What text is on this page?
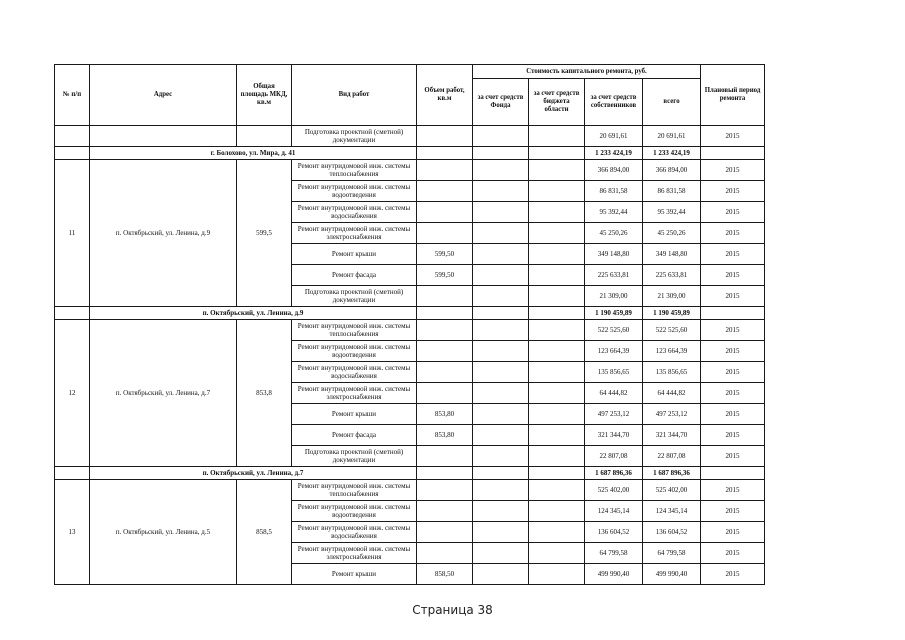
№ п/п	Адрес	Общая площадь МКД, кв.м	Вид работ	Объем работ, кв.м	Стоимость капитального ремонта, руб.				Плановый период ремонта
					за счет средств Фонда	за счет средств бюджета области	за счет средств собственников	всего	
			Подготовка проектной (сметной) документации				20 691,61	20 691,61	2015
	г. Болохово, ул. Мира, д. 41						1 233 424,19	1 233 424,19	
11	п. Октябрьский, ул. Ленина, д.9	599,5	Ремонт внутридомовой инж. системы теплоснабжения				366 894,00	366 894,00	2015
			Ремонт внутридомовой инж. системы водоотведения				86 831,58	86 831,58	2015
			Ремонт внутридомовой инж. системы водоснабжения				95 392,44	95 392,44	2015
			Ремонт внутридомовой инж. системы электроснабжения				45 250,26	45 250,26	2015
			Ремонт крыши	599,50			349 148,80	349 148,80	2015
			Ремонт фасада	599,50			225 633,81	225 633,81	2015
			Подготовка проектной (сметной) документации				21 309,00	21 309,00	2015
	п. Октябрьский, ул. Ленина, д.9						1 190 459,89	1 190 459,89	
12	п. Октябрьский, ул. Ленина, д.7	853,8	Ремонт внутридомовой инж. системы теплоснабжения				522 525,60	522 525,60	2015
			Ремонт внутридомовой инж. системы водоотведения				123 664,39	123 664,39	2015
			Ремонт внутридомовой инж. системы водоснабжения				135 856,65	135 856,65	2015
			Ремонт внутридомовой инж. системы электроснабжения				64 444,82	64 444,82	2015
			Ремонт крыши	853,80			497 253,12	497 253,12	2015
			Ремонт фасада	853,80			321 344,70	321 344,70	2015
			Подготовка проектной (сметной) документации				22 807,08	22 807,08	2015
	п. Октябрьский, ул. Ленина, д.7						1 687 896,36	1 687 896,36	
13	п. Октябрьский, ул. Ленина, д.5	858,5	Ремонт внутридомовой инж. системы теплоснабжения				525 402,00	525 402,00	2015
			Ремонт внутридомовой инж. системы водоотведения				124 345,14	124 345,14	2015
			Ремонт внутридомовой инж. системы водоснабжения				136 604,52	136 604,52	2015
			Ремонт внутридомовой инж. системы электроснабжения				64 799,58	64 799,58	2015
			Ремонт крыши	858,50			499 990,40	499 990,40	2015
Страница 38
